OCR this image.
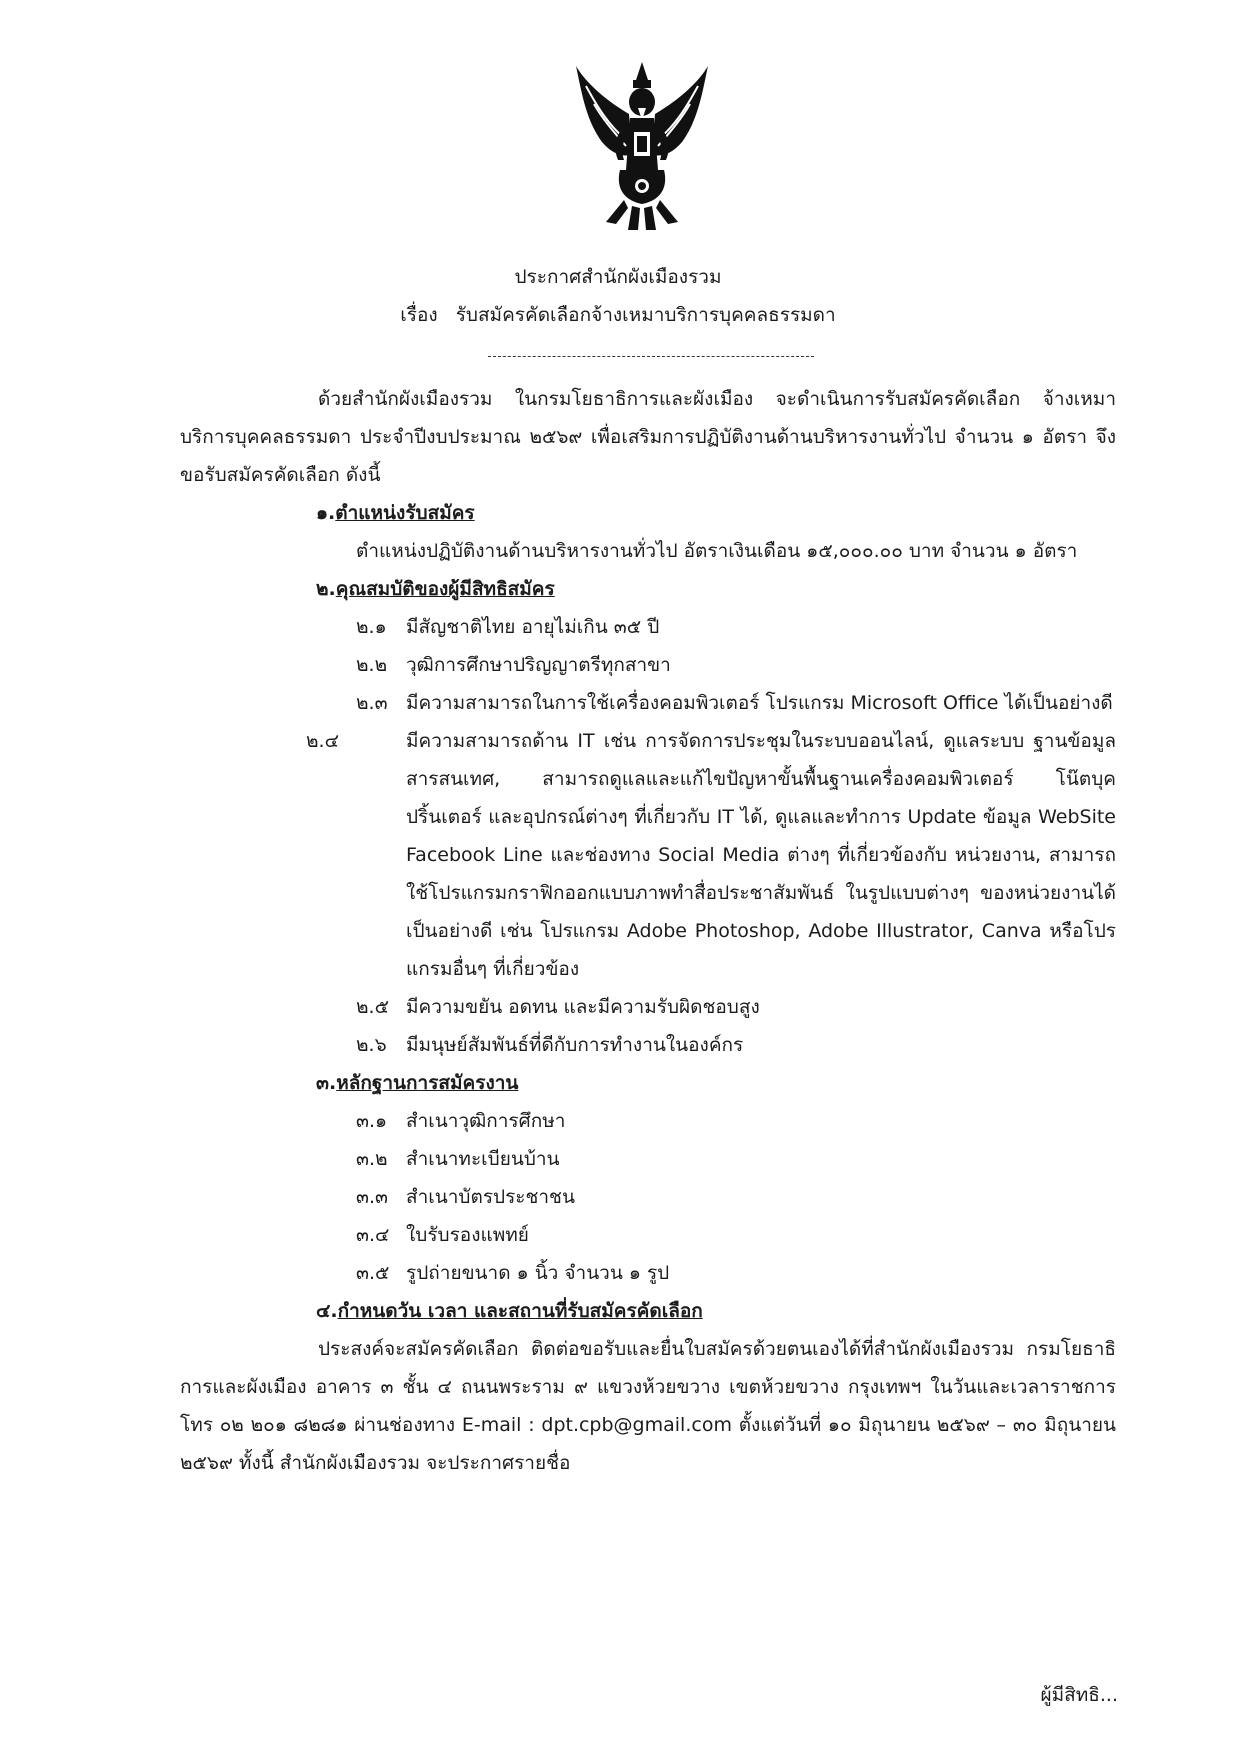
ประกาศสำนักผังเมืองรวม
เรื่อง รับสมัครคัดเลือกจ้างเหมาบริการบุคคลธรรมดา

ด้วยสำนักผังเมืองรวม ในกรมโยธาธิการและผังเมือง จะดำเนินการรับสมัครคัดเลือก จ้างเหมาบริการบุคคลธรรมดา ประจำปีงบประมาณ ๒๕๖๙ เพื่อเสริมการปฏิบัติงานด้านบริหารงานทั่วไป จำนวน ๑ อัตรา จึงขอรับสมัครคัดเลือก ดังนี้

๑.ตำแหน่งรับสมัคร

ตำแหน่งปฏิบัติงานด้านบริหารงานทั่วไป อัตราเงินเดือน ๑๕,๐๐๐.๐๐ บาท จำนวน ๑ อัตรา

๒.คุณสมบัติของผู้มีสิทธิสมัคร

๒.๑ มีสัญชาติไทย อายุไม่เกิน ๓๕ ปี

๒.๒ วุฒิการศึกษาปริญญาตรีทุกสาขา

๒.๓ มีความสามารถในการใช้เครื่องคอมพิวเตอร์ โปรแกรม Microsoft Office ได้เป็นอย่างดี

๒.๔	มีความสามารถด้าน IT เช่น การจัดการประชุมในระบบออนไลน์, ดูแลระบบ ฐานข้อมูลสารสนเทศ, สามารถดูแลและแก้ไขปัญหาขั้นพื้นฐานเครื่องคอมพิวเตอร์ โน๊ตบุค ปริ้นเตอร์ และอุปกรณ์ต่างๆ ที่เกี่ยวกับ IT ได้, ดูแลและทำการ Update ข้อมูล WebSite Facebook Line และช่องทาง Social Media ต่างๆ ที่เกี่ยวข้องกับ หน่วยงาน, สามารถใช้โปรแกรมกราฟิกออกแบบภาพทำสื่อประชาสัมพันธ์ ในรูปแบบต่างๆ ของหน่วยงานได้เป็นอย่างดี เช่น โปรแกรม Adobe Photoshop, Adobe Illustrator, Canva หรือโปรแกรมอื่นๆ ที่เกี่ยวข้อง

๒.๕ มีความขยัน อดทน และมีความรับผิดชอบสูง

๒.๖ มีมนุษย์สัมพันธ์ที่ดีกับการทำงานในองค์กร

๓.หลักฐานการสมัครงาน

๓.๑ สำเนาวุฒิการศึกษา

๓.๒ สำเนาทะเบียนบ้าน

๓.๓ สำเนาบัตรประชาชน

๓.๔ ใบรับรองแพทย์

๓.๕ รูปถ่ายขนาด ๑ นิ้ว จำนวน ๑ รูป

๔.กำหนดวัน เวลา และสถานที่รับสมัครคัดเลือก

ประสงค์จะสมัครคัดเลือก ติดต่อขอรับและยื่นใบสมัครด้วยตนเองได้ที่สำนักผังเมืองรวม กรมโยธาธิการและผังเมือง อาคาร ๓ ชั้น ๔ ถนนพระราม ๙ แขวงห้วยขวาง เขตห้วยขวาง กรุงเทพฯ ในวันและเวลาราชการ โทร ๐๒ ๒๐๑ ๘๒๘๑ ผ่านช่องทาง E-mail : dpt.cpb@gmail.com ตั้งแต่วันที่ ๑๐ มิถุนายน ๒๕๖๙ – ๓๐ มิถุนายน ๒๕๖๙ ทั้งนี้ สำนักผังเมืองรวม จะประกาศรายชื่อ

ผู้มีสิทธิ...
